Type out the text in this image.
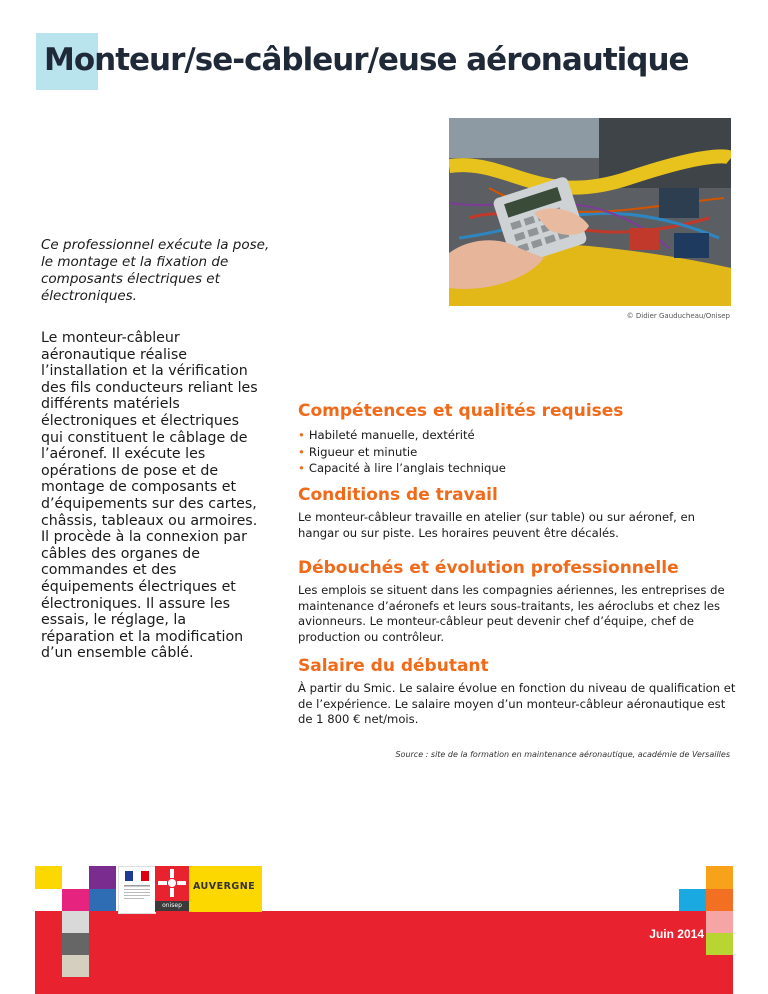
Monteur/se-câbleur/euse aéronautique
© Didier Gauducheau/Onisep

Ce professionnel exécute la pose, le montage et la fixation de composants électriques et électroniques.

Le monteur-câbleur aéronautique réalise l’installation et la vérification des fils conducteurs reliant les différents matériels électroniques et électriques qui constituent le câblage de l’aéronef. Il exécute les opérations de pose et de montage de composants et d’équipements sur des cartes, châssis, tableaux ou armoires. Il procède à la connexion par câbles des organes de commandes et des équipements électriques et électroniques. Il assure les essais, le réglage, la réparation et la modification d’un ensemble câblé.

Compétences et qualités requises
• Habileté manuelle, dextérité
• Rigueur et minutie
• Capacité à lire l’anglais technique
Conditions de travail

Le monteur-câbleur travaille en atelier (sur table) ou sur aéronef, en hangar ou sur piste. Les horaires peuvent être décalés.

Débouchés et évolution professionnelle

Les emplois se situent dans les compagnies aériennes, les entreprises de maintenance d’aéronefs et leurs sous-traitants, les aéroclubs et chez les avionneurs. Le monteur-câbleur peut devenir chef d’équipe, chef de production ou contrôleur.

Salaire du débutant

À partir du Smic. Le salaire évolue en fonction du niveau de qualification et de l’expérience. Le salaire moyen d’un monteur-câbleur aéronautique est de 1 800 € net/mois.

Source : site de la formation en maintenance aéronautique, académie de Versailles

onisep
AUVERGNE
Juin 2014
